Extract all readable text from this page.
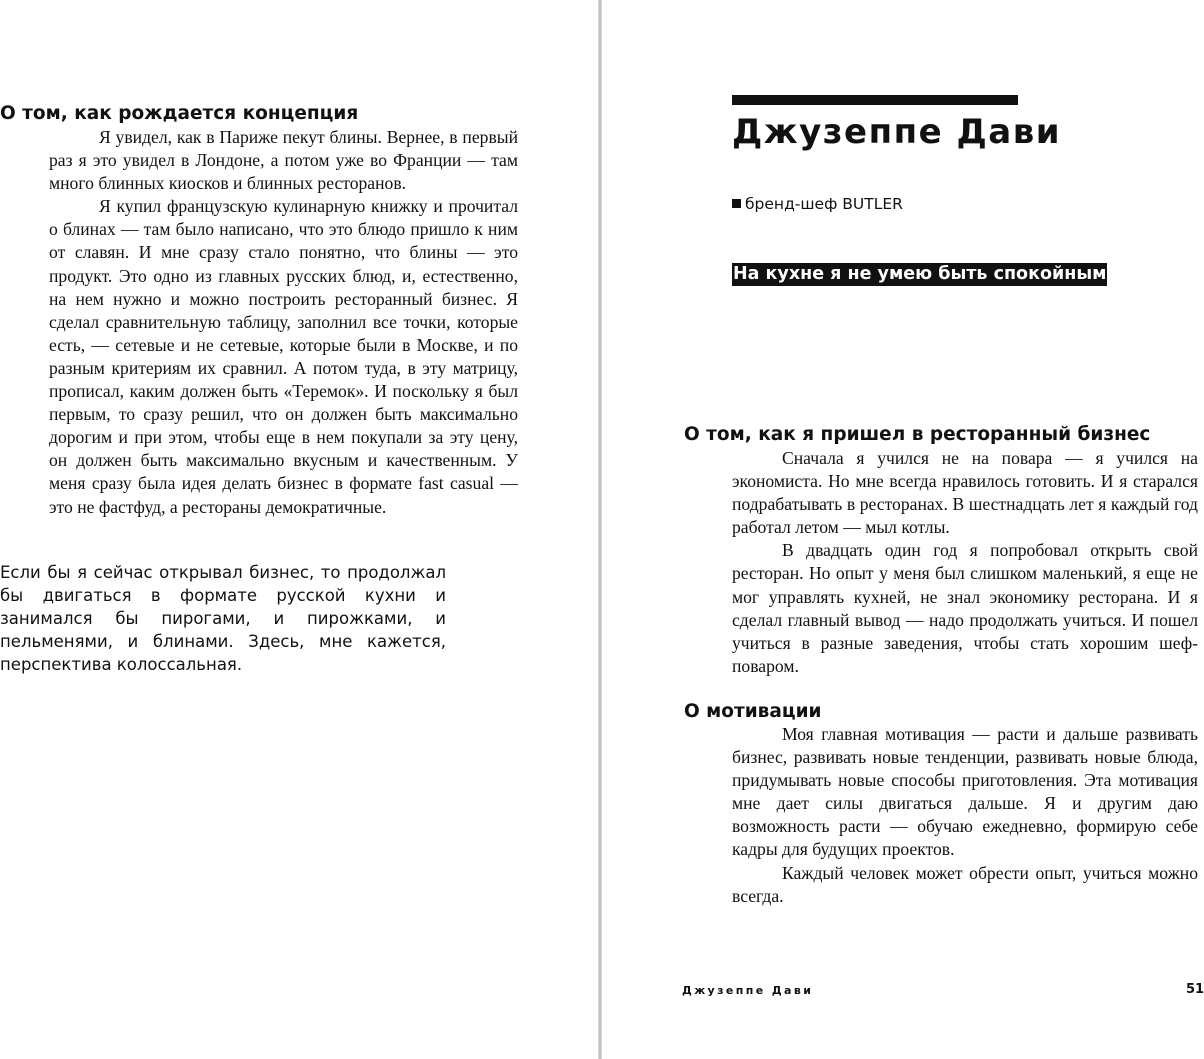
О том, как рождается концепция

Я увидел, как в Париже пекут блины. Вернее, в первый раз я это увидел в Лондоне, а потом уже во Франции — там много блинных киосков и блинных ресторанов.

Я купил французскую кулинарную книжку и прочитал о блинах — там было написано, что это блюдо пришло к ним от славян. И мне сразу стало понятно, что блины — это продукт. Это одно из главных русских блюд, и, естественно, на нем нужно и можно построить ресторанный бизнес. Я сделал сравнительную таблицу, заполнил все точки, которые есть, — сетевые и не сетевые, которые были в Москве, и по разным критериям их сравнил. А потом туда, в эту матрицу, прописал, каким должен быть «Теремок». И поскольку я был первым, то сразу решил, что он должен быть максимально дорогим и при этом, чтобы еще в нем покупали за эту цену, он должен быть максимально вкусным и качественным. У меня сразу была идея делать бизнес в формате fast casual — это не фастфуд, а рестораны демократичные.

Если бы я сейчас открывал бизнес, то продолжал бы двигаться в формате русской кухни и занимался бы пирогами, и пирожками, и пельменями, и блинами. Здесь, мне кажется, перспектива колоссальная.

Джузеппе Дави
бренд-шеф BUTLER
На кухне я не умею быть спокойным
О том, как я пришел в ресторанный бизнес

Сначала я учился не на повара — я учился на экономиста. Но мне всегда нравилось готовить. И я старался подрабатывать в ресторанах. В шестнадцать лет я каждый год работал летом — мыл котлы.

В двадцать один год я попробовал открыть свой ресторан. Но опыт у меня был слишком маленький, я еще не мог управлять кухней, не знал экономику ресторана. И я сделал главный вывод — надо продолжать учиться. И пошел учиться в разные заведения, чтобы стать хорошим шеф-поваром.

О мотивации

Моя главная мотивация — расти и дальше развивать бизнес, развивать новые тенденции, развивать новые блюда, придумывать новые способы приготовления. Эта мотивация мне дает силы двигаться дальше. Я и другим даю возможность расти — обучаю ежедневно, формирую себе кадры для будущих проектов.

Каждый человек может обрести опыт, учиться можно всегда.

Джузеппе Дави	51
